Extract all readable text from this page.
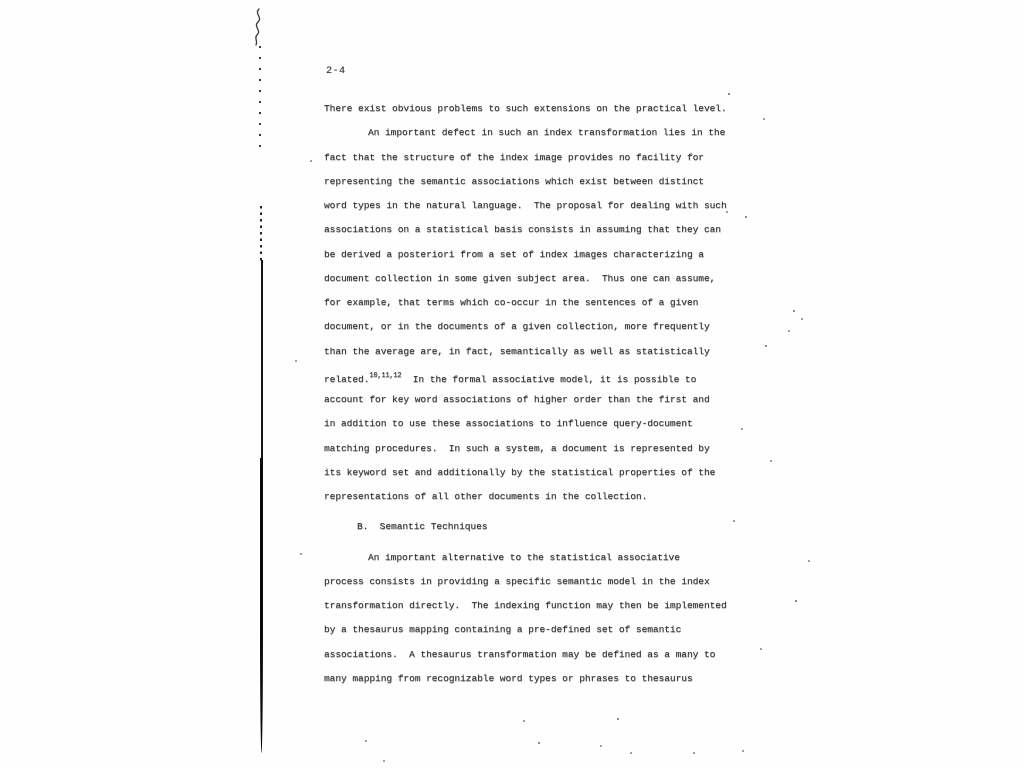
2-4
There exist obvious problems to such extensions on the practical level.
An important defect in such an index transformation lies in the
fact that the structure of the index image provides no facility for
representing the semantic associations which exist between distinct
word types in the natural language.  The proposal for dealing with such
associations on a statistical basis consists in assuming that they can
be derived a posteriori from a set of index images characterizing a
document collection in some given subject area.  Thus one can assume,
for example, that terms which co-occur in the sentences of a given
document, or in the documents of a given collection, more frequently
than the average are, in fact, semantically as well as statistically
related.$^{10,11,12}$  In the formal associative model, it is possible to
account for key word associations of higher order than the first and
in addition to use these associations to influence query-document
matching procedures.  In such a system, a document is represented by
its keyword set and additionally by the statistical properties of the
representations of all other documents in the collection.
B.  Semantic Techniques
An important alternative to the statistical associative
process consists in providing a specific semantic model in the index
transformation directly.  The indexing function may then be implemented
by a thesaurus mapping containing a pre-defined set of semantic
associations.  A thesaurus transformation may be defined as a many to
many mapping from recognizable word types or phrases to thesaurus
